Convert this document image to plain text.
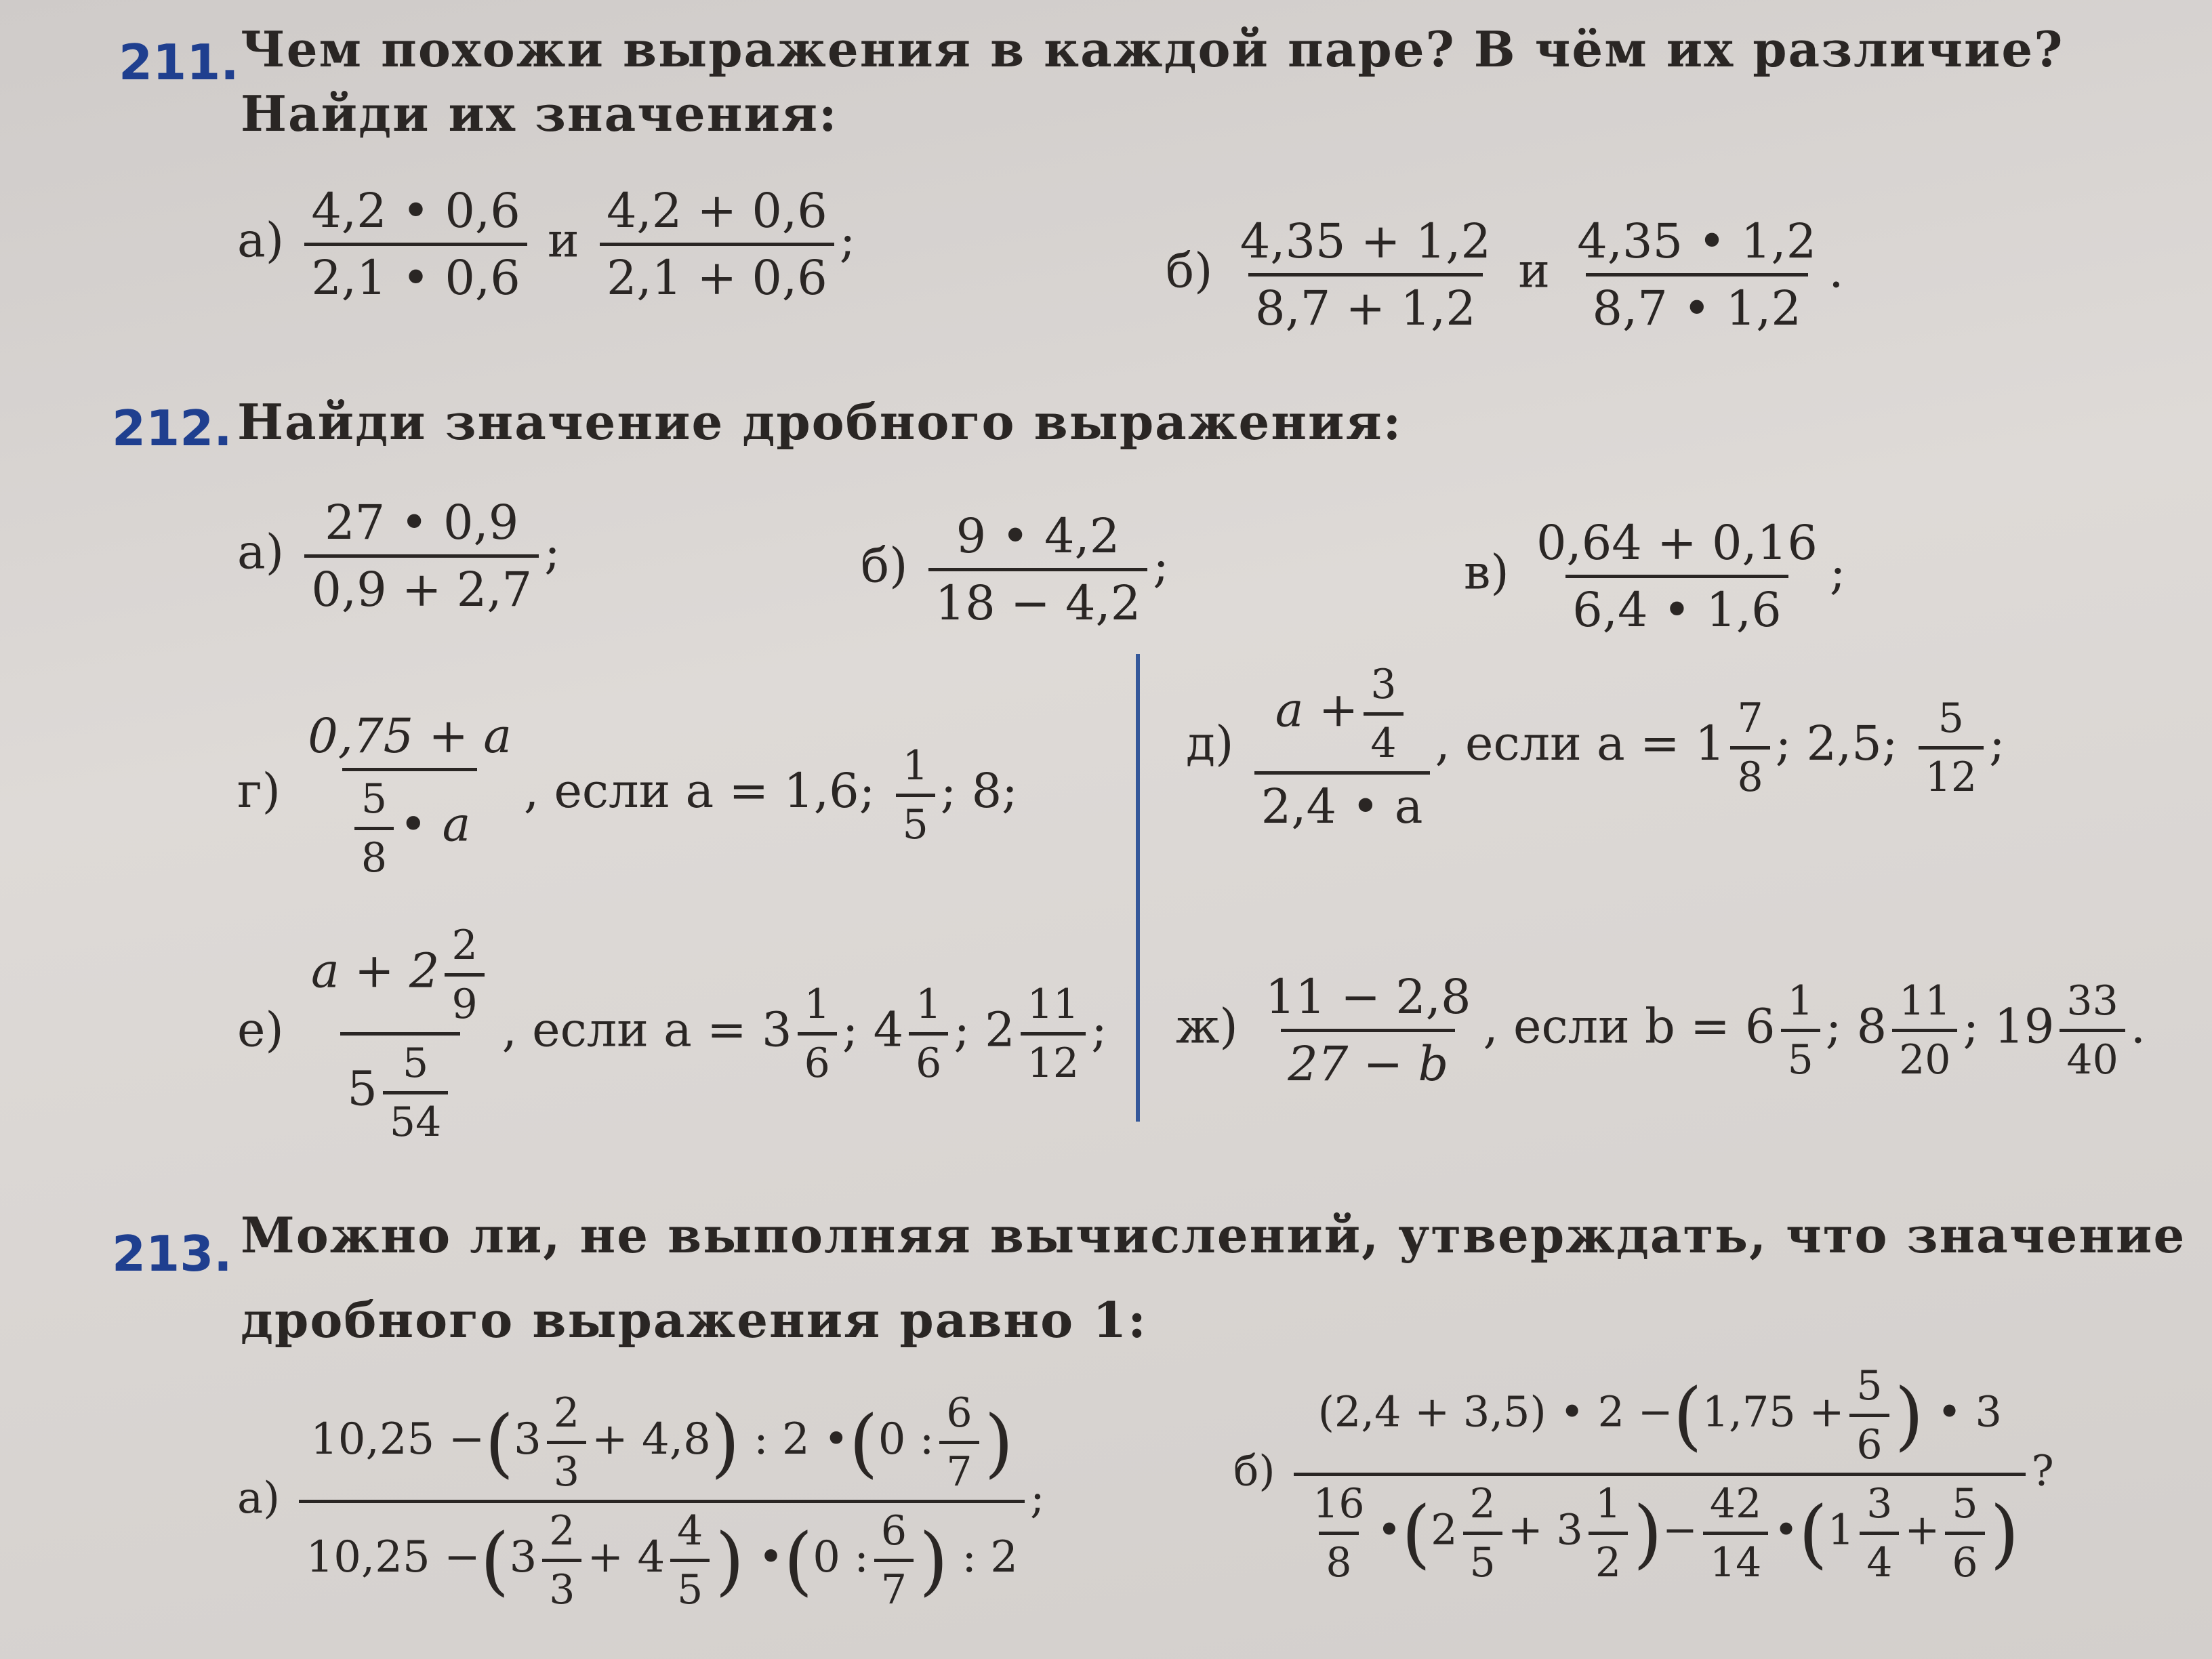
211. Чем похожи выражения в каждой паре? В чём их различие?
Найди их значения:
$а) \frac{4,2 • 0,6}{2,1 • 0,6}$ и $\frac{4,2 + 0,6}{2,1 + 0,6}$ ;
$б) \frac{4,35 + 1,2}{8,7 + 1,2}$ и $\frac{4,35 • 1,2}{8,7 • 1,2}$ .
212. Найди значение дробного выражения:
$а) \frac{27 • 0,9}{0,9 + 2,7}$ ;	$б) \frac{9 • 4,2}{18 - 4,2}$ ;	$в) \frac{0,64 + 0,16}{6,4 • 1,6}$ ;
$г) \frac{0,75 + a}{\frac{5}{8} • a}$ , если a = 1,6; $\frac{1}{5}$ ; 8;
$д) \frac{a + \frac{3}{4}}{2,4 • a}$ , если $a = 1 \frac{7}{8}$ ; 2,5; $\frac{5}{12}$ ;
$е) \frac{a + 2 \frac{2}{9}}{5 \frac{5}{54}}$ , если $a = 3 \frac{1}{6}$ ; $4 \frac{1}{6}$ ; $2 \frac{11}{12}$ ; $ж) \frac{11 - 2,8}{27 - b}$ , если $b = 6 \frac{1}{5}$ ; $8 \frac{11}{20}$ ; $19 \frac{33}{40}$ .
213. Можно ли, не выполняя вычислений, утверждать, что значение
дробного выражения равно 1:
$а) \frac{10,25 -(3 \frac{2}{3} + 4,8) : 2 •(0 : \frac{6}{7} )}{10,25 -(3 \frac{2}{3} + 4 \frac{4}{5} ) •(0 : \frac{6}{7} ) : 2}$ ;
$б) \frac{(2,4 + 3,5) • 2 -(1,75 + \frac{5}{6} ) • 3}{\frac{16}{8} •(2 \frac{2}{5} + 3 \frac{1}{2} )- \frac{42}{14} •(1 \frac{3}{4} + \frac{5}{6} )}$ ?
